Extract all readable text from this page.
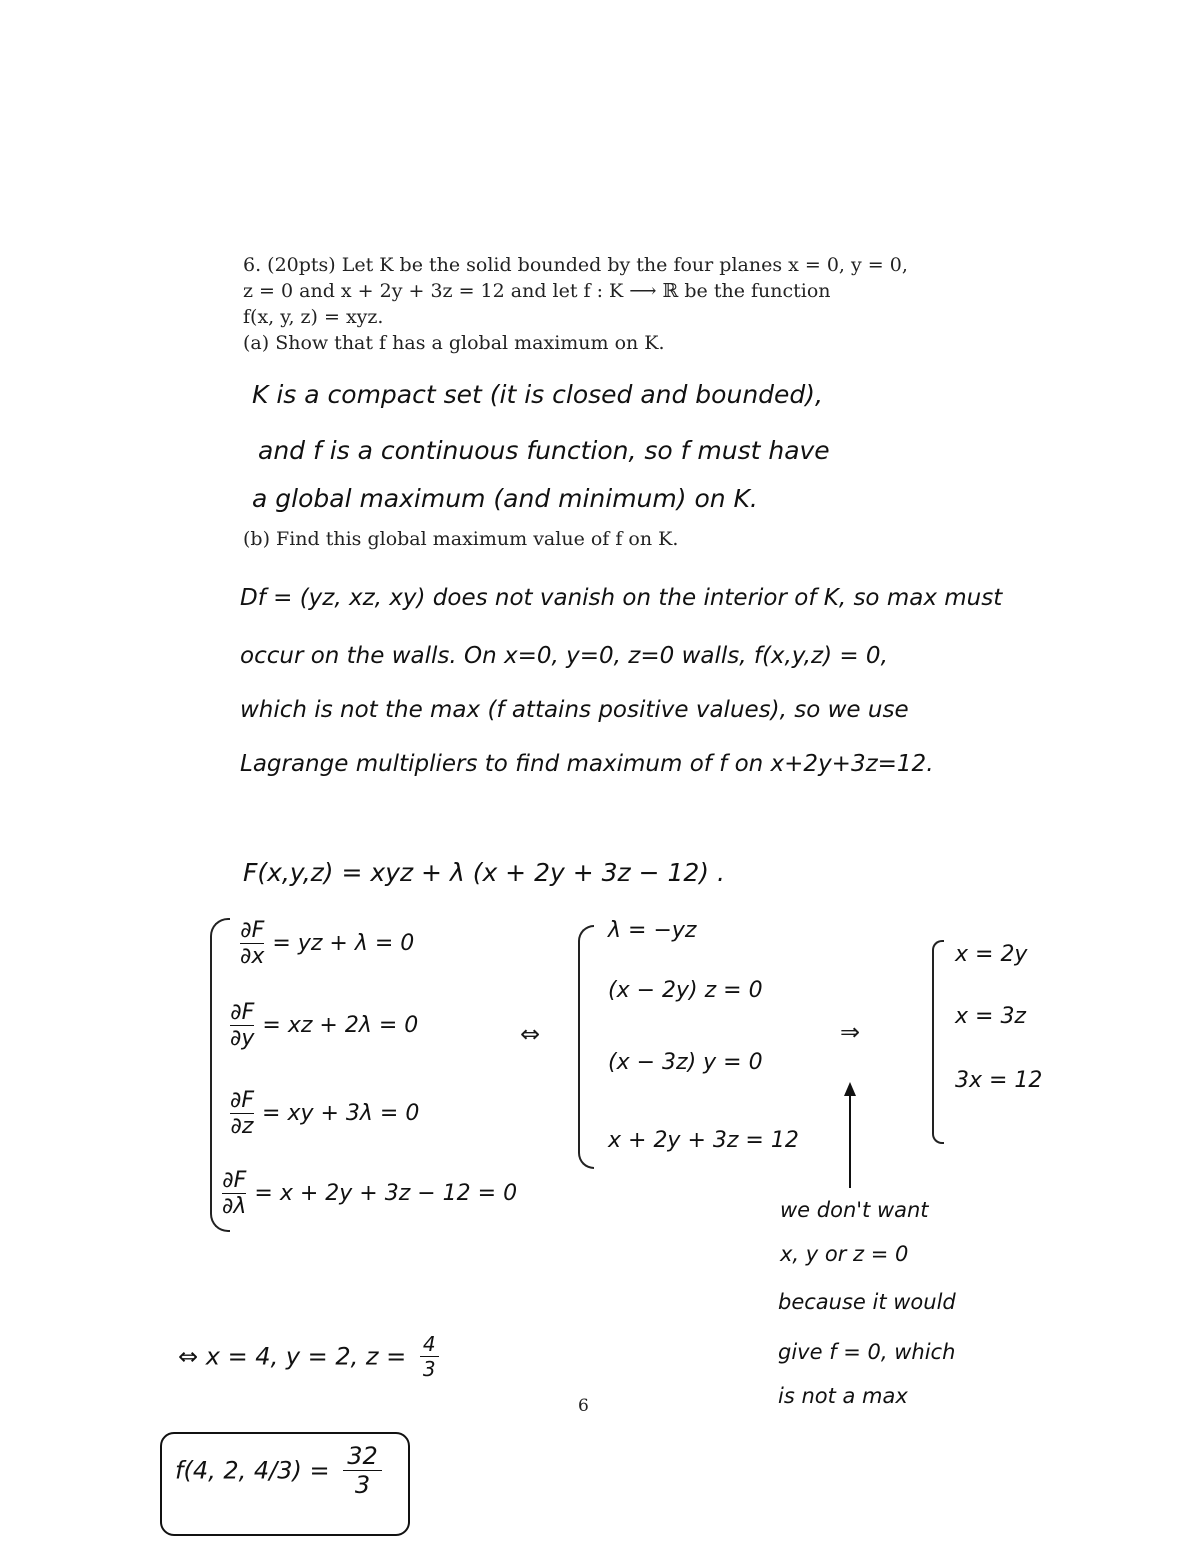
6. (20pts) Let K be the solid bounded by the four planes x = 0, y = 0,
z = 0 and x + 2y + 3z = 12 and let f : K ⟶ ℝ be the function
f(x, y, z) = xyz.
(a) Show that f has a global maximum on K.
K is a compact set (it is closed and bounded),
and f is a continuous function, so f must have
a global maximum (and minimum) on K.
(b) Find this global maximum value of f on K.
Df = (yz, xz, xy) does not vanish on the interior of K, so max must
occur on the walls. On x=0, y=0, z=0 walls, f(x,y,z) = 0,
which is not the max (f attains positive values), so we use
Lagrange multipliers to find maximum of f on x+2y+3z=12.
F(x,y,z) = xyz + λ (x + 2y + 3z − 12) .
$\frac{\partial F}{\partial x}$ = yz + λ = 0
$\frac{\partial F}{\partial y}$ = xz + 2λ = 0
$\frac{\partial F}{\partial z}$ = xy + 3λ = 0
$\frac{\partial F}{\partial\lambda} = x + 2y + 3z - 12 = 0$
⇔
λ = −yz
(x − 2y) z = 0
(x − 3z) y = 0
x + 2y + 3z = 12
⇒
x = 2y
x = 3z
3x = 12
we don't want
x, y or z = 0
because it would
give f = 0, which
is not a max
⇔ x = 4, y = 2, $z = \frac{4}{3}$
6
f(4, 2, $4/3) = \frac{32}{3}$
